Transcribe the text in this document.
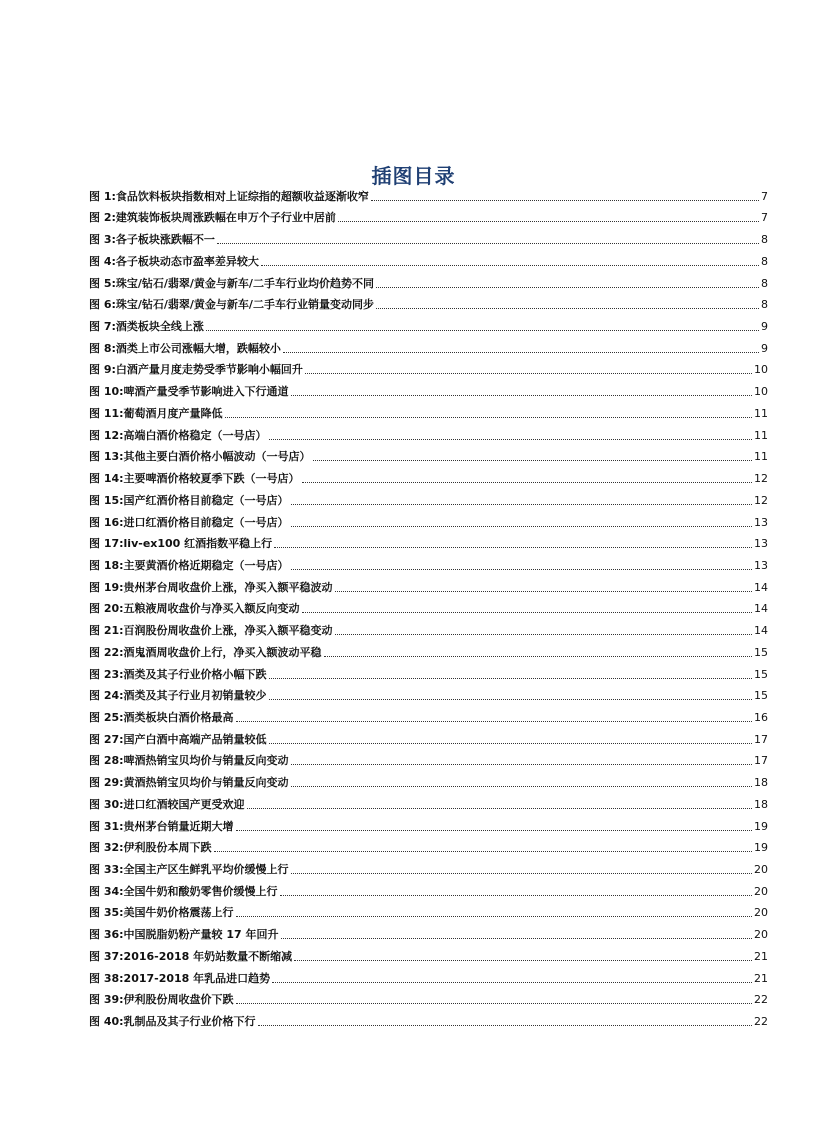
插图目录
图 1:食品饮料板块指数相对上证综指的超额收益逐渐收窄	7
图 2:建筑装饰板块周涨跌幅在申万个子行业中居前	7
图 3:各子板块涨跌幅不一	8
图 4:各子板块动态市盈率差异较大	8
图 5:珠宝/钻石/翡翠/黄金与新车/二手车行业均价趋势不同	8
图 6:珠宝/钻石/翡翠/黄金与新车/二手车行业销量变动同步	8
图 7:酒类板块全线上涨	9
图 8:酒类上市公司涨幅大增，跌幅较小	9
图 9:白酒产量月度走势受季节影响小幅回升	10
图 10:啤酒产量受季节影响进入下行通道	10
图 11:葡萄酒月度产量降低	11
图 12:高端白酒价格稳定（一号店）	11
图 13:其他主要白酒价格小幅波动（一号店）	11
图 14:主要啤酒价格较夏季下跌（一号店）	12
图 15:国产红酒价格目前稳定（一号店）	12
图 16:进口红酒价格目前稳定（一号店）	13
图 17:liv-ex100 红酒指数平稳上行	13
图 18:主要黄酒价格近期稳定（一号店）	13
图 19:贵州茅台周收盘价上涨，净买入额平稳波动	14
图 20:五粮液周收盘价与净买入额反向变动	14
图 21:百润股份周收盘价上涨，净买入额平稳变动	14
图 22:酒鬼酒周收盘价上行，净买入额波动平稳	15
图 23:酒类及其子行业价格小幅下跌	15
图 24:酒类及其子行业月初销量较少	15
图 25:酒类板块白酒价格最高	16
图 27:国产白酒中高端产品销量较低	17
图 28:啤酒热销宝贝均价与销量反向变动	17
图 29:黄酒热销宝贝均价与销量反向变动	18
图 30:进口红酒较国产更受欢迎	18
图 31:贵州茅台销量近期大增	19
图 32:伊利股份本周下跌	19
图 33:全国主产区生鲜乳平均价缓慢上行	20
图 34:全国牛奶和酸奶零售价缓慢上行	20
图 35:美国牛奶价格震荡上行	20
图 36:中国脱脂奶粉产量较 17 年回升	20
图 37:2016-2018 年奶站数量不断缩减	21
图 38:2017-2018 年乳品进口趋势	21
图 39:伊利股份周收盘价下跌	22
图 40:乳制品及其子行业价格下行	22
